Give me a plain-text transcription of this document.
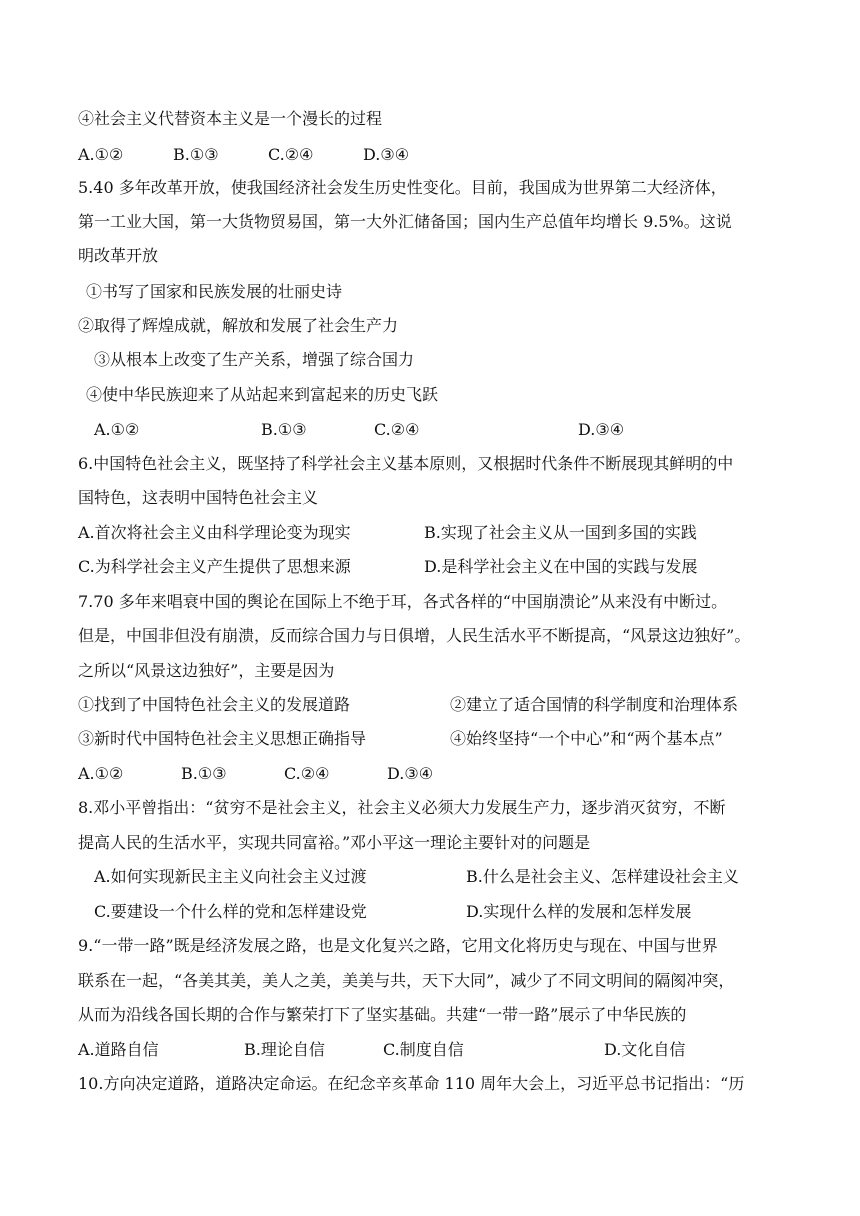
④社会主义代替资本主义是一个漫长的过程
A.①②	B.①③	C.②④	D.③④
5.40 多年改革开放，使我国经济社会发生历史性变化。目前，我国成为世界第二大经济体，
第一工业大国，第一大货物贸易国，第一大外汇储备国；国内生产总值年均增长 9.5%。这说
明改革开放
①书写了国家和民族发展的壮丽史诗
②取得了辉煌成就，解放和发展了社会生产力
③从根本上改变了生产关系，增强了综合国力
④使中华民族迎来了从站起来到富起来的历史飞跃
A.①②	B.①③	C.②④	D.③④
6.中国特色社会主义，既坚持了科学社会主义基本原则，又根据时代条件不断展现其鲜明的中
国特色，这表明中国特色社会主义
A.首次将社会主义由科学理论变为现实	B.实现了社会主义从一国到多国的实践
C.为科学社会主义产生提供了思想来源	D.是科学社会主义在中国的实践与发展
7.70 多年来唱衰中国的舆论在国际上不绝于耳，各式各样的“中国崩溃论”从来没有中断过。
但是，中国非但没有崩溃，反而综合国力与日俱增，人民生活水平不断提高，“风景这边独好”。
之所以“风景这边独好”，主要是因为
①找到了中国特色社会主义的发展道路	②建立了适合国情的科学制度和治理体系
③新时代中国特色社会主义思想正确指导	④始终坚持“一个中心”和“两个基本点”
A.①②	B.①③	C.②④	D.③④
8.邓小平曾指出：“贫穷不是社会主义，社会主义必须大力发展生产力，逐步消灭贫穷，不断
提高人民的生活水平，实现共同富裕。”邓小平这一理论主要针对的问题是
A.如何实现新民主主义向社会主义过渡	B.什么是社会主义、怎样建设社会主义
C.要建设一个什么样的党和怎样建设党	D.实现什么样的发展和怎样发展
9.“一带一路”既是经济发展之路，也是文化复兴之路，它用文化将历史与现在、中国与世界
联系在一起，“各美其美，美人之美，美美与共，天下大同”，减少了不同文明间的隔阂冲突，
从而为沿线各国长期的合作与繁荣打下了坚实基础。共建“一带一路”展示了中华民族的
A.道路自信	B.理论自信	C.制度自信	D.文化自信
10.方向决定道路，道路决定命运。在纪念辛亥革命 110 周年大会上，习近平总书记指出：“历
